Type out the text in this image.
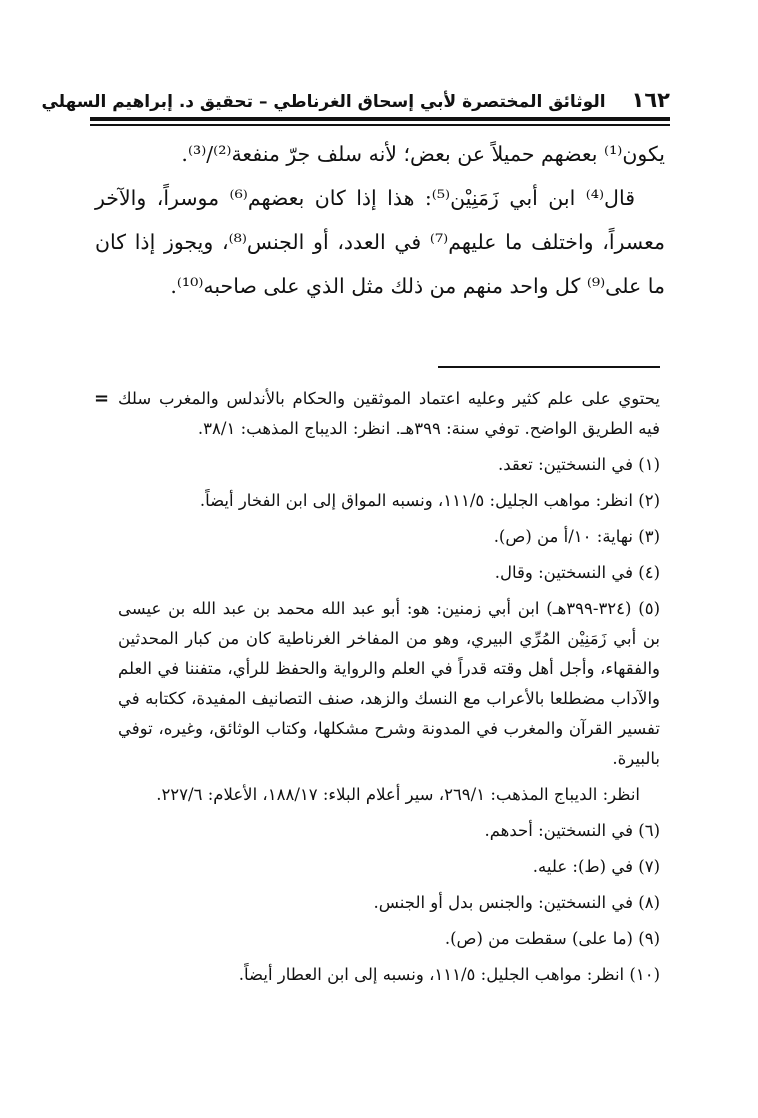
١٦٢
الوثائق المختصرة لأبي إسحاق الغرناطي – تحقيق د. إبراهيم السهلي

يكون⁽¹⁾ بعضهم حميلاً عن بعض؛ لأنه سلف جرّ منفعة⁽²⁾/⁽³⁾.

قال⁽⁴⁾ ابن أبي زَمَنِيْن⁽⁵⁾: هذا إذا كان بعضهم⁽⁶⁾ موسراً، والآخر معسراً، واختلف ما عليهم⁽⁷⁾ في العدد، أو الجنس⁽⁸⁾، ويجوز إذا كان ما على⁽⁹⁾ كل واحد منهم من ذلك مثل الذي على صاحبه⁽¹⁰⁾.

= يحتوي على علم كثير وعليه اعتماد الموثقين والحكام بالأندلس والمغرب سلك فيه الطريق الواضح. توفي سنة: ٣٩٩هـ. انظر: الديباج المذهب: ٣٨/١.

(١) في النسختين: تعقد.

(٢) انظر: مواهب الجليل: ١١١/٥، ونسبه المواق إلى ابن الفخار أيضاً.

(٣) نهاية: ١٠/أ من (ص).

(٤) في النسختين: وقال.

(٥) (٣٢٤-٣٩٩هـ) ابن أبي زمنين: هو: أبو عبد الله محمد بن عبد الله بن عيسى بن أبي زَمَنِيْن المُرِّي البيري، وهو من المفاخر الغرناطية كان من كبار المحدثين والفقهاء، وأجل أهل وقته قدراً في العلم والرواية والحفظ للرأي، متفننا في العلم والآداب مضطلعا بالأعراب مع النسك والزهد، صنف التصانيف المفيدة، ككتابه في تفسير القرآن والمغرب في المدونة وشرح مشكلها، وكتاب الوثائق، وغيره، توفي بالبيرة.

انظر: الديباج المذهب: ٢٦٩/١، سير أعلام البلاء: ١٨٨/١٧، الأعلام: ٢٢٧/٦.

(٦) في النسختين: أحدهم.

(٧) في (ط): عليه.

(٨) في النسختين: والجنس بدل أو الجنس.

(٩) (ما على) سقطت من (ص).

(١٠) انظر: مواهب الجليل: ١١١/٥، ونسبه إلى ابن العطار أيضاً.
